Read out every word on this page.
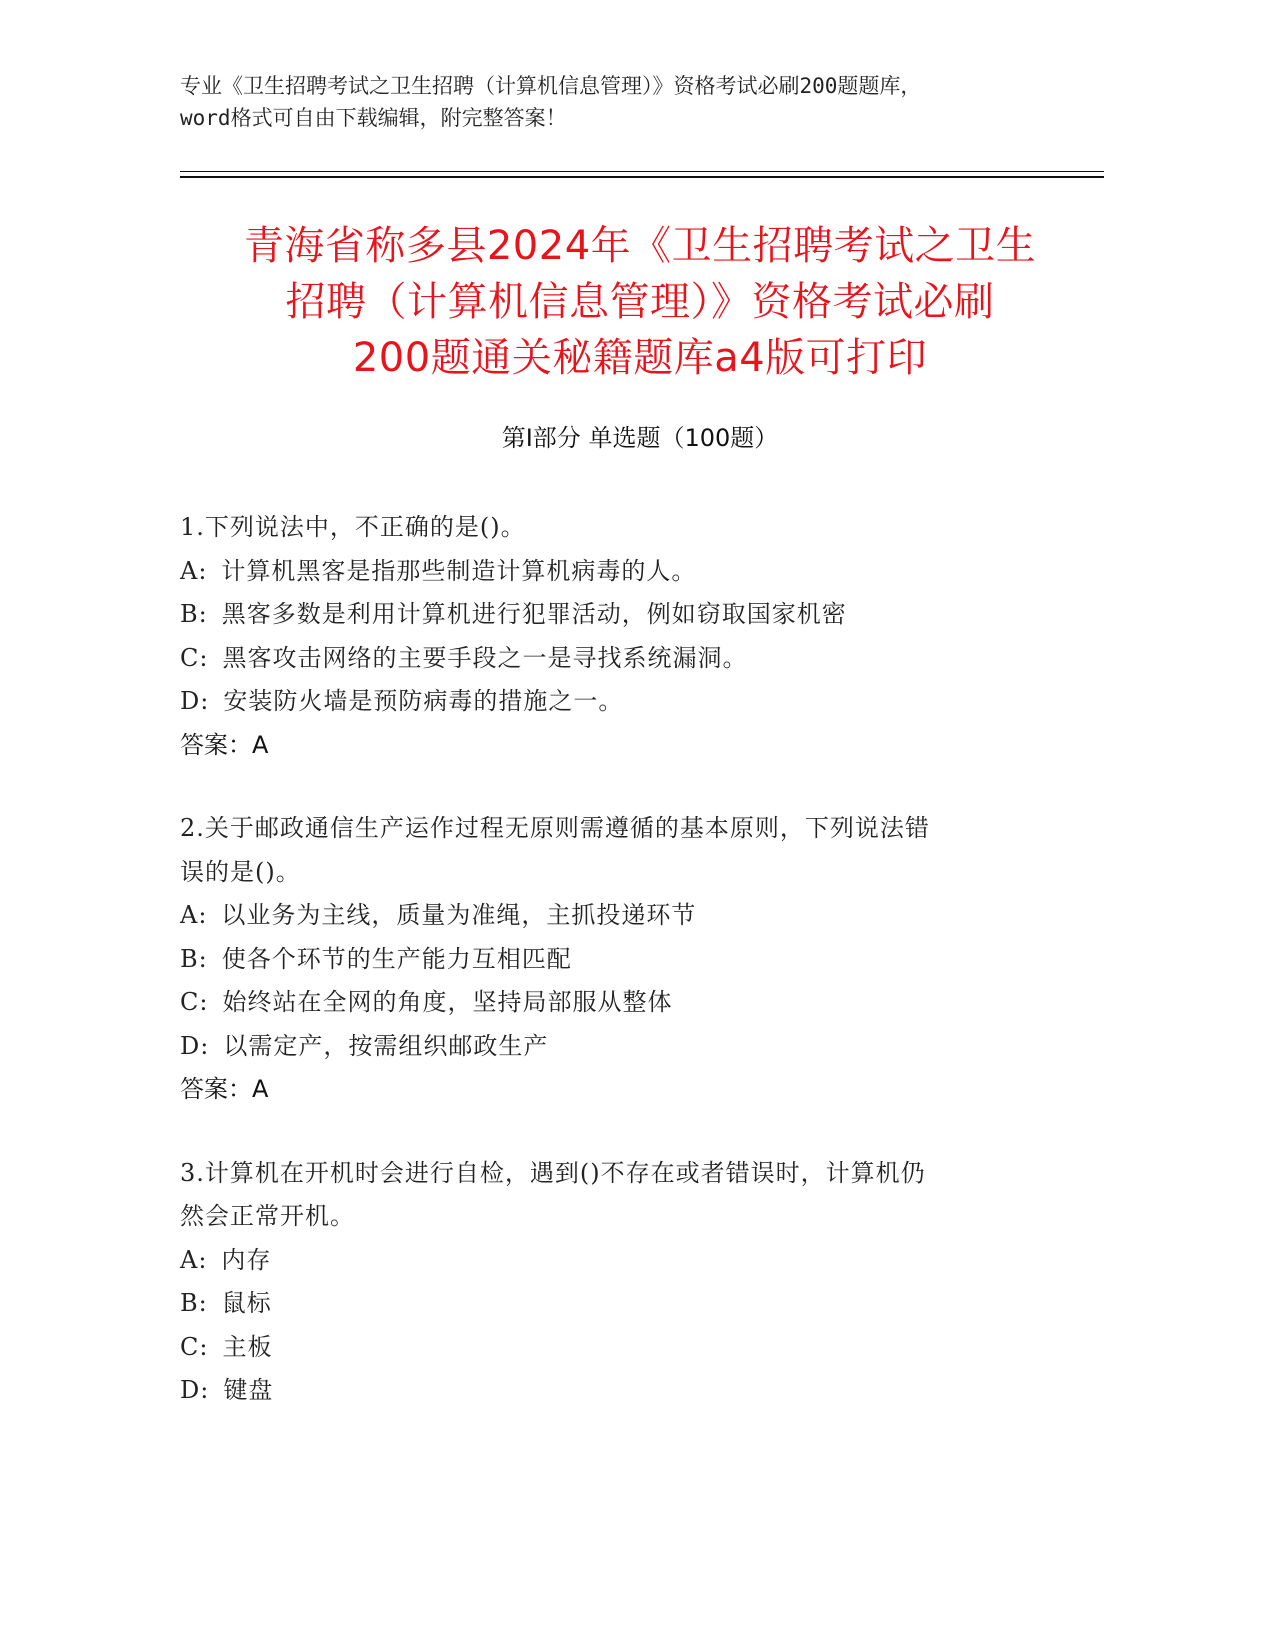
专业《卫生招聘考试之卫生招聘（计算机信息管理）》资格考试必刷200题题库，
word格式可自由下载编辑，附完整答案！
青海省称多县2024年《卫生招聘考试之卫生
招聘（计算机信息管理）》资格考试必刷
200题通关秘籍题库a4版可打印
第Ⅰ部分 单选题（100题）
1.下列说法中，不正确的是()。
A: 计算机黑客是指那些制造计算机病毒的人。
B: 黑客多数是利用计算机进行犯罪活动，例如窃取国家机密
C: 黑客攻击网络的主要手段之一是寻找系统漏洞。
D: 安装防火墙是预防病毒的措施之一。
答案：A
2.关于邮政通信生产运作过程无原则需遵循的基本原则，下列说法错
误的是()。
A: 以业务为主线，质量为准绳，主抓投递环节
B: 使各个环节的生产能力互相匹配
C: 始终站在全网的角度，坚持局部服从整体
D: 以需定产，按需组织邮政生产
答案：A
3.计算机在开机时会进行自检，遇到()不存在或者错误时，计算机仍
然会正常开机。
A: 内存
B: 鼠标
C: 主板
D: 键盘
